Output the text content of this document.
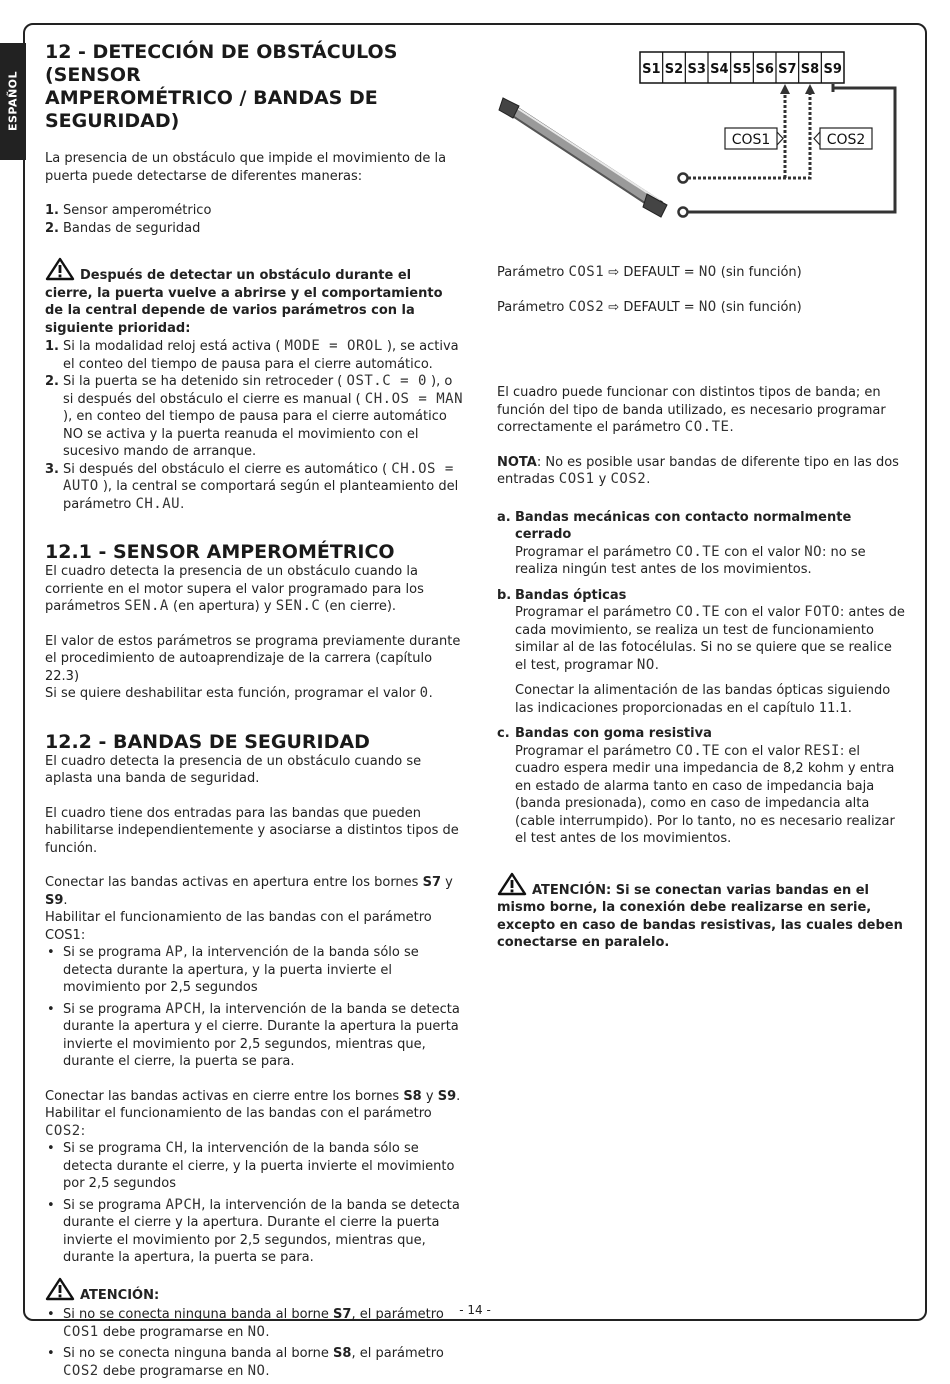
ESPAÑOL
12 - DETECCIÓN DE OBSTÁCULOS (SENSOR
AMPEROMÉTRICO / BANDAS DE SEGURIDAD)

La presencia de un obstáculo que impide el movimiento de la puerta puede detectarse de diferentes maneras:

1. Sensor amperométrico
2. Bandas de seguridad

Después de detectar un obstáculo durante el cierre, la puerta vuelve a abrirse y el comportamiento de la central depende de varios parámetros con la siguiente prioridad:

1. Si la modalidad reloj está activa ( MODE = OROL ), se activa el conteo del tiempo de pausa para el cierre automático.
2. Si la puerta se ha detenido sin retroceder ( OST.C = 0 ), o si después del obstáculo el cierre es manual ( CH.OS = MAN ), en conteo del tiempo de pausa para el cierre automático NO se activa y la puerta reanuda el movimiento con el sucesivo mando de arranque.
3. Si después del obstáculo el cierre es automático ( CH.OS = AUTO ), la central se comportará según el planteamiento del parámetro CH.AU.
12.1 - SENSOR AMPEROMÉTRICO

El cuadro detecta la presencia de un obstáculo cuando la corriente en el motor supera el valor programado para los parámetros SEN.A (en apertura) y SEN.C (en cierre).

El valor de estos parámetros se programa previamente durante el procedimiento de autoaprendizaje de la carrera (capítulo 22.3)
Si se quiere deshabilitar esta función, programar el valor 0.

12.2 - BANDAS DE SEGURIDAD

El cuadro detecta la presencia de un obstáculo cuando se aplasta una banda de seguridad.

El cuadro tiene dos entradas para las bandas que pueden habilitarse independientemente y asociarse a distintos tipos de función.

Conectar las bandas activas en apertura entre los bornes S7 y S9.
Habilitar el funcionamiento de las bandas con el parámetro COS1:

• Si se programa AP, la intervención de la banda sólo se detecta durante la apertura, y la puerta invierte el movimiento por 2,5 segundos
• Si se programa APCH, la intervención de la banda se detecta durante la apertura y el cierre. Durante la apertura la puerta invierte el movimiento por 2,5 segundos, mientras que, durante el cierre, la puerta se para.

Conectar las bandas activas en cierre entre los bornes S8 y S9.
Habilitar el funcionamiento de las bandas con el parámetro
COS2:

• Si se programa CH, la intervención de la banda sólo se detecta durante el cierre, y la puerta invierte el movimiento por 2,5 segundos
• Si se programa APCH, la intervención de la banda se detecta durante el cierre y la apertura. Durante el cierre la puerta invierte el movimiento por 2,5 segundos, mientras que, durante la apertura, la puerta se para.

ATENCIÓN:

• Si no se conecta ninguna banda al borne S7, el parámetro COS1 debe programarse en NO.
• Si no se conecta ninguna banda al borne S8, el parámetro COS2 debe programarse en NO.
S1 S2 S3 S4 S5 S6 S7 S8 S9
COS1	COS2

Parámetro COS1 ⇨ DEFAULT = NO (sin función)

Parámetro COS2 ⇨ DEFAULT = NO (sin función)

El cuadro puede funcionar con distintos tipos de banda; en función del tipo de banda utilizado, es necesario programar correctamente el parámetro CO.TE.

NOTA: No es posible usar bandas de diferente tipo en las dos entradas COS1 y COS2.

a. Bandas mecánicas con contacto normalmente cerrado
Programar el parámetro CO.TE con el valor NO: no se realiza ningún test antes de los movimientos.
b. Bandas ópticas
Programar el parámetro CO.TE con el valor FOTO: antes de cada movimiento, se realiza un test de funcionamiento similar al de las fotocélulas. Si no se quiere que se realice el test, programar NO.
Conectar la alimentación de las bandas ópticas siguiendo las indicaciones proporcionadas en el capítulo 11.1.
c. Bandas con goma resistiva
Programar el parámetro CO.TE con el valor RESI: el cuadro espera medir una impedancia de 8,2 kohm y entra en estado de alarma tanto en caso de impedancia baja (banda presionada), como en caso de impedancia alta (cable interrumpido). Por lo tanto, no es necesario realizar el test antes de los movimientos.

ATENCIÓN: Si se conectan varias bandas en el mismo borne, la conexión debe realizarse en serie, excepto en caso de bandas resistivas, las cuales deben conectarse en paralelo.

- 14 -
